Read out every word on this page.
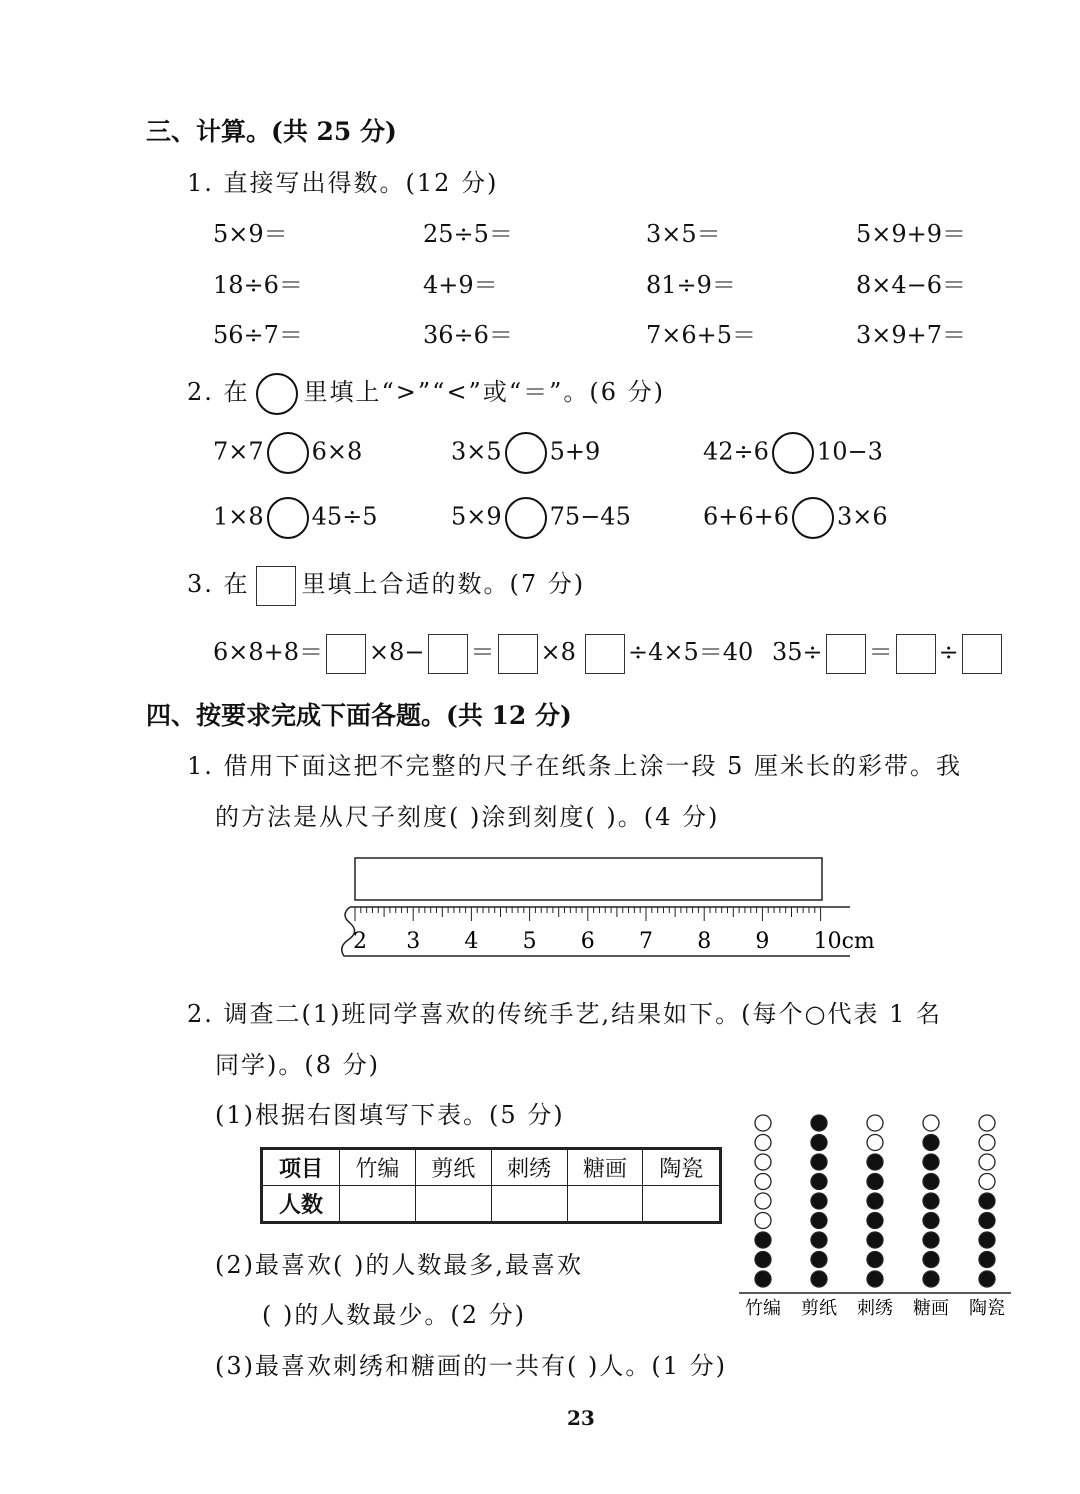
三、计算。(共 25 分)
1. 直接写出得数。(12 分)
5×9＝	25÷5＝	3×5＝	5×9+9＝
18÷6＝	4+9＝	81÷9＝	8×4−6＝
56÷7＝	36÷6＝	7×6+5＝	3×9+7＝
2. 在 里填上“>”“<”或“＝”。(6 分)
7×7 6×8	3×5 5+9	42÷6 10−3
1×8 45÷5	5×9 75−45	6+6+6 3×6
3. 在 里填上合适的数。(7 分)
6×8+8＝ ×8− ＝ ×8	÷4×5＝40 35÷ ＝ ÷
四、按要求完成下面各题。(共 12 分)
1. 借用下面这把不完整的尺子在纸条上涂一段 5 厘米长的彩带。我
的方法是从尺子刻度( )涂到刻度( )。(4 分)
2 3 4 5 6 7 8 9 10cm
2. 调查二(1)班同学喜欢的传统手艺,结果如下。(每个○代表 1 名
同学)。(8 分)
(1)根据右图填写下表。(5 分)
项目	竹编	剪纸	刺绣	糖画	陶瓷
人数					
(2)最喜欢( )的人数最多,最喜欢
( )的人数最少。(2 分)
(3)最喜欢刺绣和糖画的一共有( )人。(1 分)
竹编 剪纸 刺绣 糖画 陶瓷
23
